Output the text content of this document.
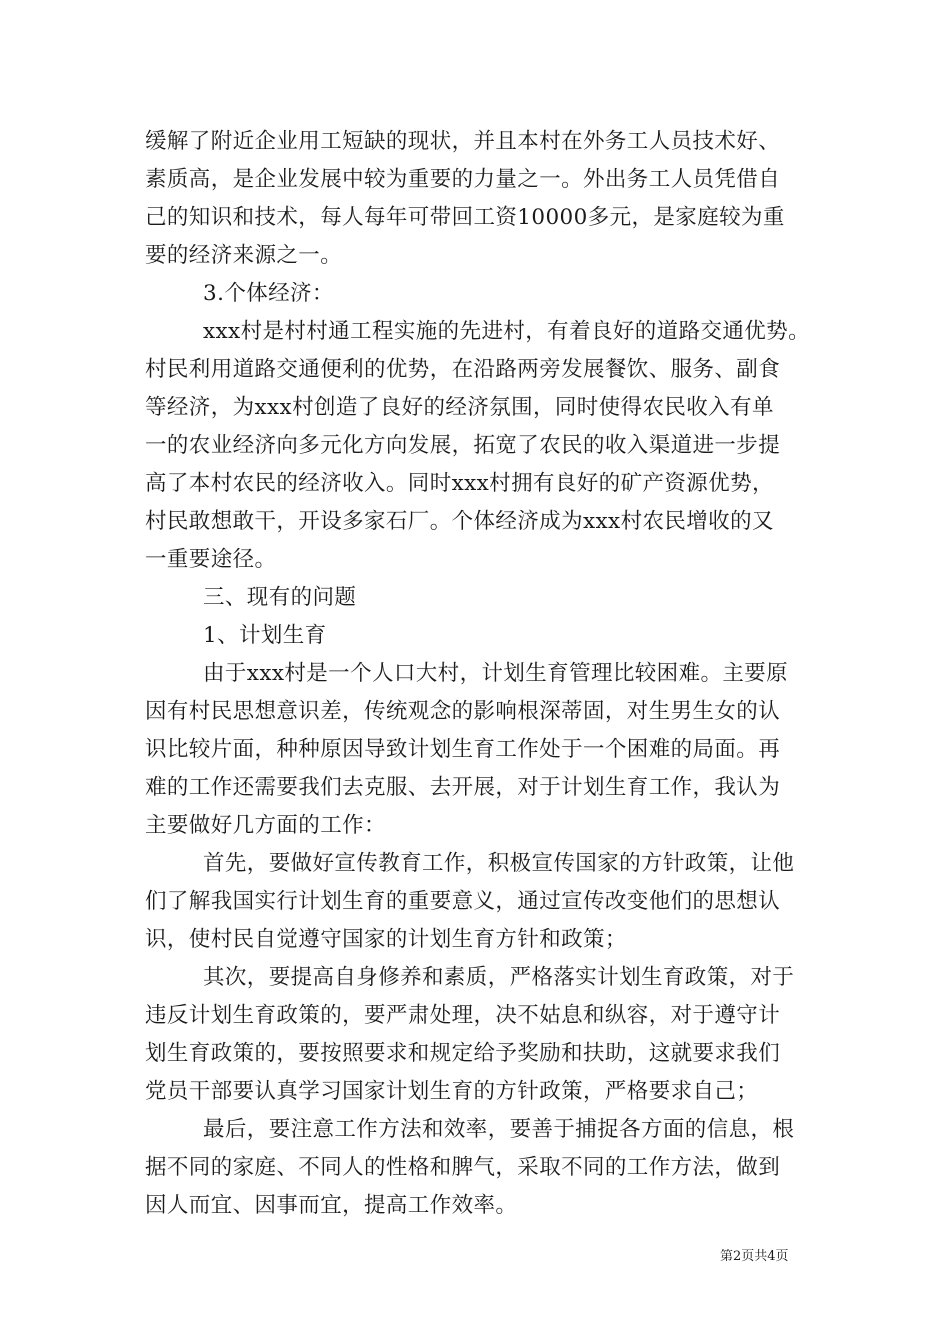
缓解了附近企业用工短缺的现状，并且本村在外务工人员技术好、
素质高，是企业发展中较为重要的力量之一。外出务工人员凭借自
己的知识和技术，每人每年可带回工资10000多元，是家庭较为重
要的经济来源之一。
3.个体经济：
xxx村是村村通工程实施的先进村，有着良好的道路交通优势。
村民利用道路交通便利的优势，在沿路两旁发展餐饮、服务、副食
等经济，为xxx村创造了良好的经济氛围，同时使得农民收入有单
一的农业经济向多元化方向发展，拓宽了农民的收入渠道进一步提
高了本村农民的经济收入。同时xxx村拥有良好的矿产资源优势，
村民敢想敢干，开设多家石厂。个体经济成为xxx村农民增收的又
一重要途径。
三、现有的问题
1、计划生育
由于xxx村是一个人口大村，计划生育管理比较困难。主要原
因有村民思想意识差，传统观念的影响根深蒂固，对生男生女的认
识比较片面，种种原因导致计划生育工作处于一个困难的局面。再
难的工作还需要我们去克服、去开展，对于计划生育工作，我认为
主要做好几方面的工作：
首先，要做好宣传教育工作，积极宣传国家的方针政策，让他
们了解我国实行计划生育的重要意义，通过宣传改变他们的思想认
识，使村民自觉遵守国家的计划生育方针和政策；
其次，要提高自身修养和素质，严格落实计划生育政策，对于
违反计划生育政策的，要严肃处理，决不姑息和纵容，对于遵守计
划生育政策的，要按照要求和规定给予奖励和扶助，这就要求我们
党员干部要认真学习国家计划生育的方针政策，严格要求自己；
最后，要注意工作方法和效率，要善于捕捉各方面的信息，根
据不同的家庭、不同人的性格和脾气，采取不同的工作方法，做到
因人而宜、因事而宜，提高工作效率。
第2页共4页
